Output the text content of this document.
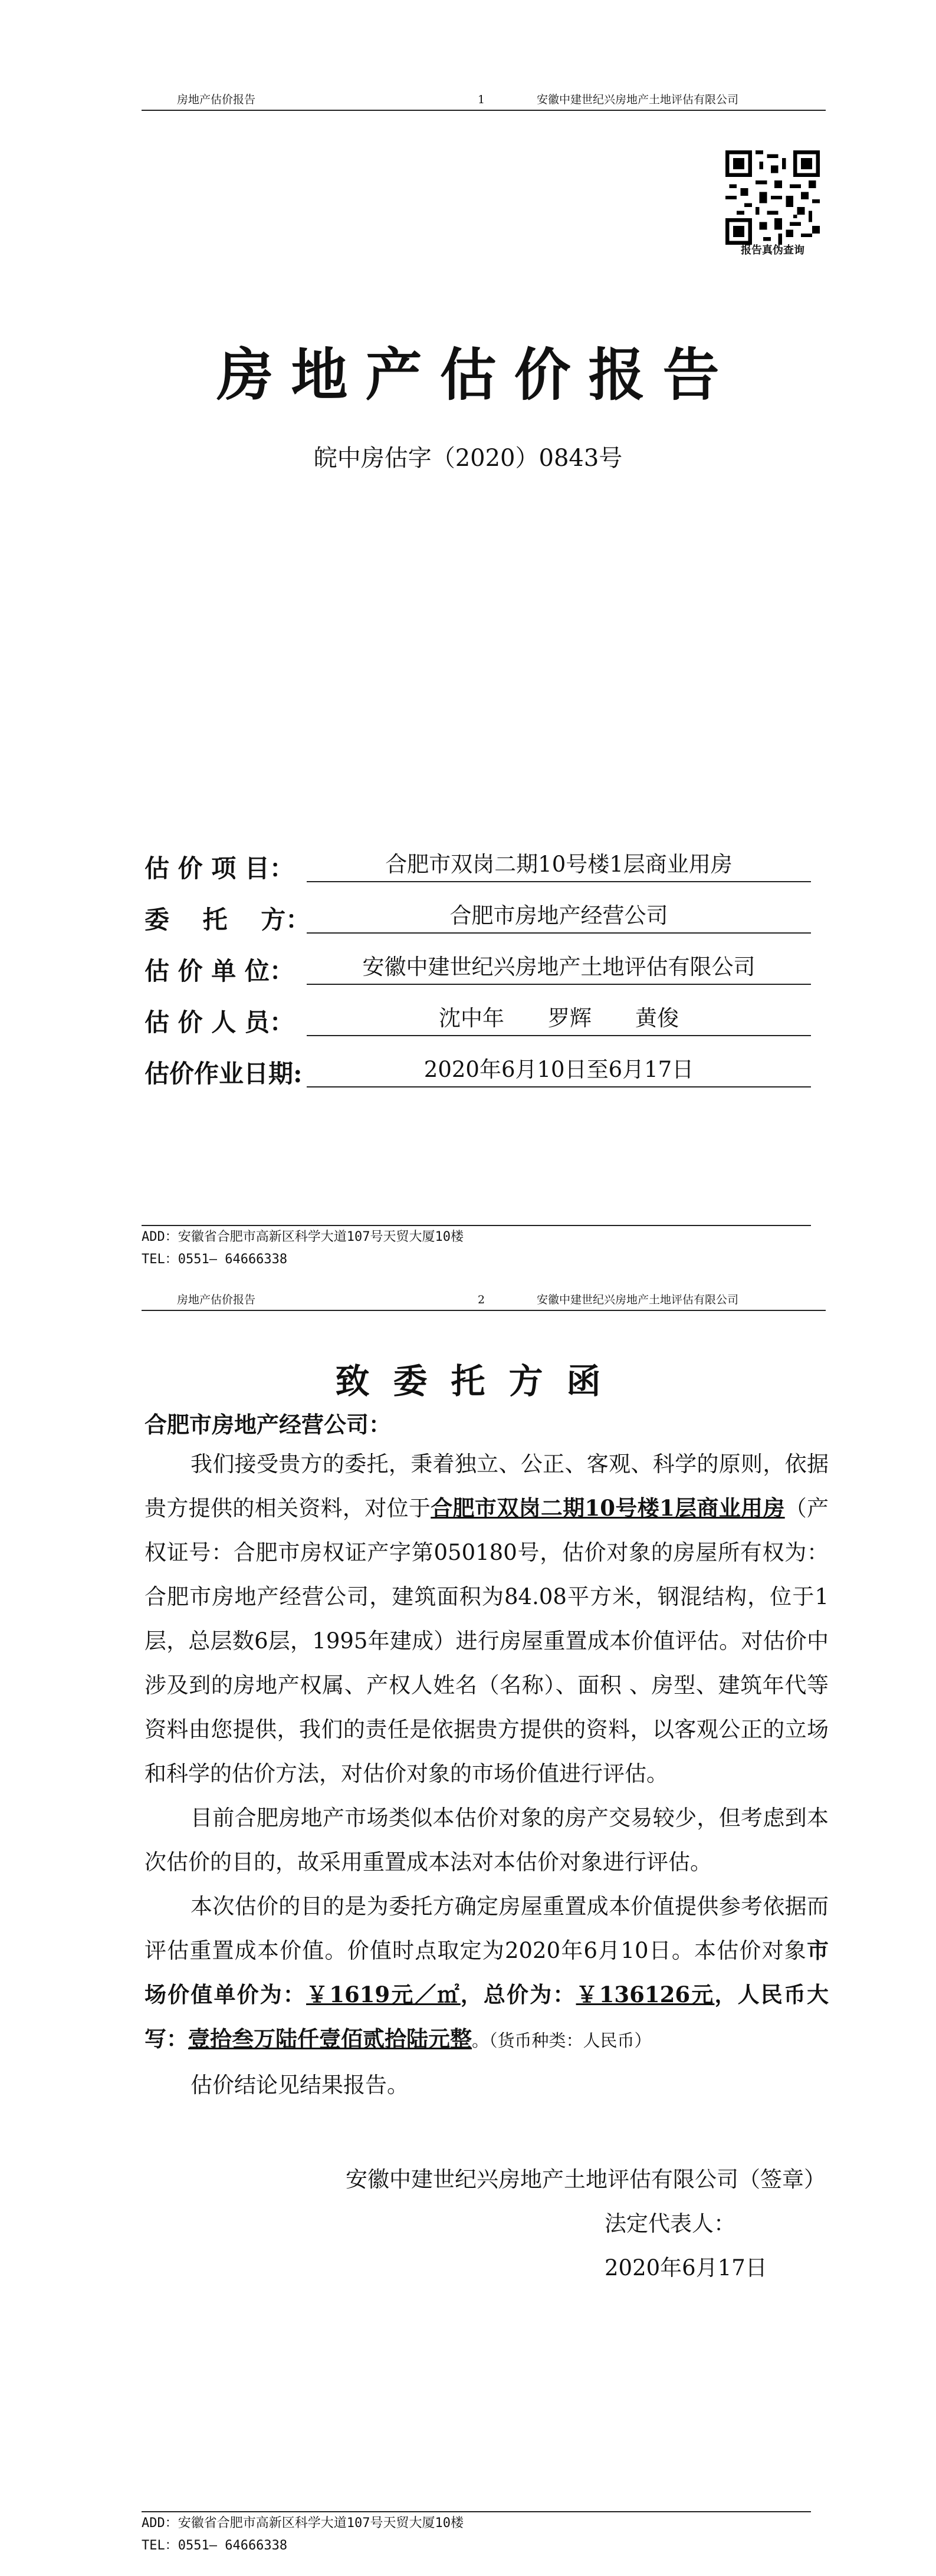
房地产估价报告	1	安徽中建世纪兴房地产土地评估有限公司
报告真伪查询
房地产估价报告
皖中房估字（2020）0843号
估 价 项 目：	合肥市双岗二期10号楼1层商业用房
委　 托　 方：	合肥市房地产经营公司
估 价 单 位：	安徽中建世纪兴房地产土地评估有限公司
估 价 人 员：	沈中年　　罗辉　　黄俊
估价作业日期:	2020年6月10日至6月17日
ADD：安徽省合肥市高新区科学大道107号天贸大厦10楼
TEL：0551— 64666338
房地产估价报告	2	安徽中建世纪兴房地产土地评估有限公司
致委托方函
合肥市房地产经营公司：

我们接受贵方的委托，秉着独立、公正、客观、科学的原则，依据贵方提供的相关资料，对位于合肥市双岗二期10号楼1层商业用房（产权证号：合肥市房权证产字第050180号，估价对象的房屋所有权为：合肥市房地产经营公司，建筑面积为84.08平方米，钢混结构，位于1层，总层数6层，1995年建成）进行房屋重置成本价值评估。对估价中涉及到的房地产权属、产权人姓名（名称）、面积 、房型、建筑年代等资料由您提供，我们的责任是依据贵方提供的资料，以客观公正的立场和科学的估价方法，对估价对象的市场价值进行评估。

目前合肥房地产市场类似本估价对象的房产交易较少，但考虑到本次估价的目的，故采用重置成本法对本估价对象进行评估。

本次估价的目的是为委托方确定房屋重置成本价值提供参考依据而评估重置成本价值。价值时点取定为2020年6月10日。本估价对象市场价值单价为：￥1619元／㎡，总价为：￥136126元，人民币大写：壹拾叁万陆仟壹佰贰拾陆元整。（货币种类：人民币）

估价结论见结果报告。

安徽中建世纪兴房地产土地评估有限公司（签章）
法定代表人：
2020年6月17日
ADD：安徽省合肥市高新区科学大道107号天贸大厦10楼
TEL：0551— 64666338
